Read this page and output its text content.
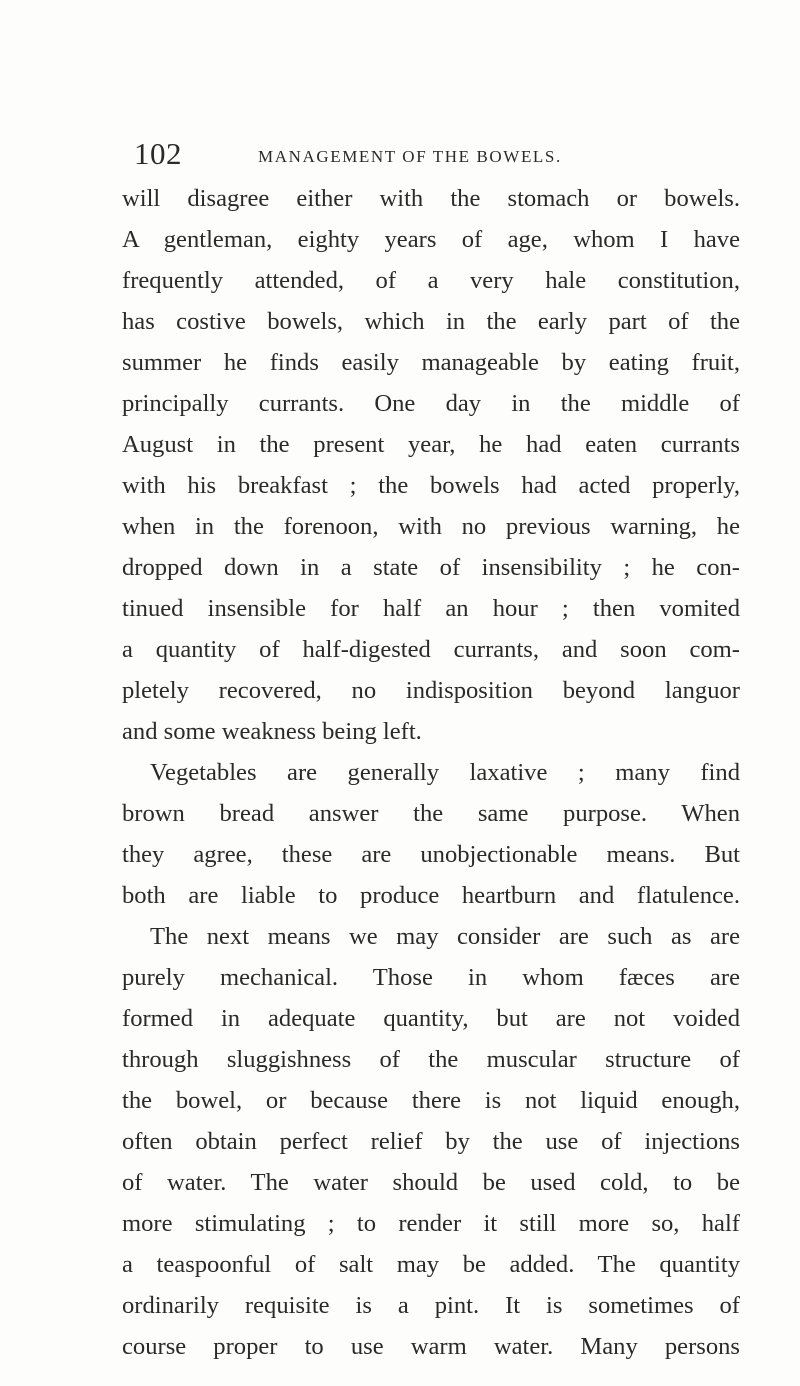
102	MANAGEMENT OF THE BOWELS.
will disagree either with the stomach or bowels.
A gentleman, eighty years of age, whom I have
frequently attended, of a very hale constitution,
has costive bowels, which in the early part of the
summer he finds easily manageable by eating fruit,
principally currants. One day in the middle of
August in the present year, he had eaten currants
with his breakfast ; the bowels had acted properly,
when in the forenoon, with no previous warning, he
dropped down in a state of insensibility ; he con-
tinued insensible for half an hour ; then vomited
a quantity of half-digested currants, and soon com-
pletely recovered, no indisposition beyond languor
and some weakness being left.
Vegetables are generally laxative ; many find
brown bread answer the same purpose. When
they agree, these are unobjectionable means. But
both are liable to produce heartburn and flatulence.
The next means we may consider are such as are
purely mechanical. Those in whom fæces are
formed in adequate quantity, but are not voided
through sluggishness of the muscular structure of
the bowel, or because there is not liquid enough,
often obtain perfect relief by the use of injections
of water. The water should be used cold, to be
more stimulating ; to render it still more so, half
a teaspoonful of salt may be added. The quantity
ordinarily requisite is a pint. It is sometimes of
course proper to use warm water. Many persons
